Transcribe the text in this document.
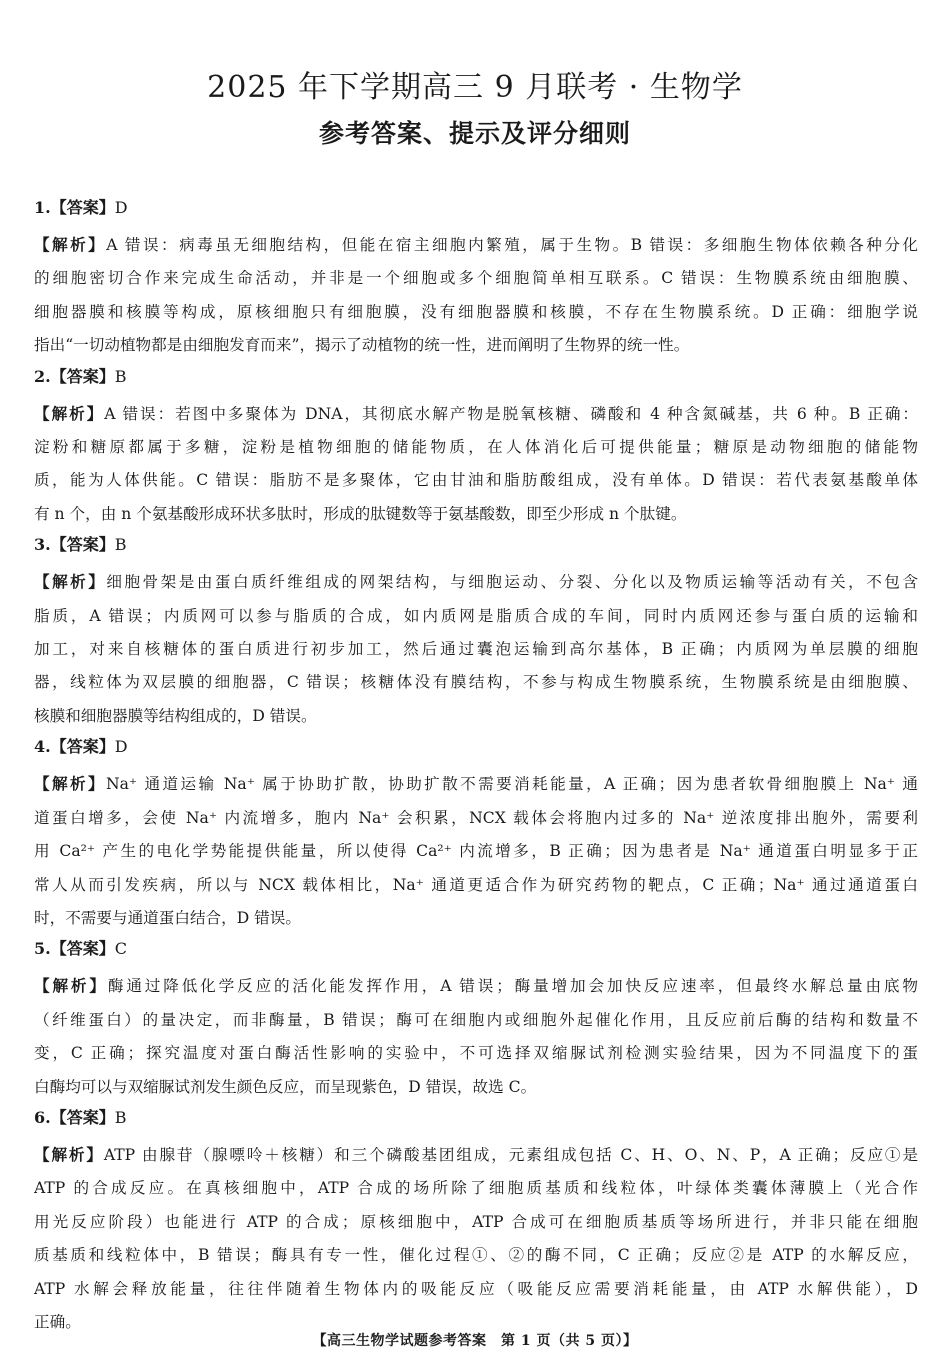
2025 年下学期高三 9 月联考 · 生物学
参考答案、提示及评分细则
1.【答案】D
【解析】A 错误：病毒虽无细胞结构，但能在宿主细胞内繁殖，属于生物。B 错误：多细胞生物体依赖各种分化
的细胞密切合作来完成生命活动，并非是一个细胞或多个细胞简单相互联系。C 错误：生物膜系统由细胞膜、
细胞器膜和核膜等构成，原核细胞只有细胞膜，没有细胞器膜和核膜，不存在生物膜系统。D 正确：细胞学说
指出“一切动植物都是由细胞发育而来”，揭示了动植物的统一性，进而阐明了生物界的统一性。
2.【答案】B
【解析】A 错误：若图中多聚体为 DNA，其彻底水解产物是脱氧核糖、磷酸和 4 种含氮碱基，共 6 种。B 正确：
淀粉和糖原都属于多糖，淀粉是植物细胞的储能物质，在人体消化后可提供能量；糖原是动物细胞的储能物
质，能为人体供能。C 错误：脂肪不是多聚体，它由甘油和脂肪酸组成，没有单体。D 错误：若代表氨基酸单体
有 n 个，由 n 个氨基酸形成环状多肽时，形成的肽键数等于氨基酸数，即至少形成 n 个肽键。
3.【答案】B
【解析】细胞骨架是由蛋白质纤维组成的网架结构，与细胞运动、分裂、分化以及物质运输等活动有关，不包含
脂质，A 错误；内质网可以参与脂质的合成，如内质网是脂质合成的车间，同时内质网还参与蛋白质的运输和
加工，对来自核糖体的蛋白质进行初步加工，然后通过囊泡运输到高尔基体，B 正确；内质网为单层膜的细胞
器，线粒体为双层膜的细胞器，C 错误；核糖体没有膜结构，不参与构成生物膜系统，生物膜系统是由细胞膜、
核膜和细胞器膜等结构组成的，D 错误。
4.【答案】D
【解析】Na⁺ 通道运输 Na⁺ 属于协助扩散，协助扩散不需要消耗能量，A 正确；因为患者软骨细胞膜上 Na⁺ 通
道蛋白增多，会使 Na⁺ 内流增多，胞内 Na⁺ 会积累，NCX 载体会将胞内过多的 Na⁺ 逆浓度排出胞外，需要利
用 Ca²⁺ 产生的电化学势能提供能量，所以使得 Ca²⁺ 内流增多，B 正确；因为患者是 Na⁺ 通道蛋白明显多于正
常人从而引发疾病，所以与 NCX 载体相比，Na⁺ 通道更适合作为研究药物的靶点，C 正确；Na⁺ 通过通道蛋白
时，不需要与通道蛋白结合，D 错误。
5.【答案】C
【解析】酶通过降低化学反应的活化能发挥作用，A 错误；酶量增加会加快反应速率，但最终水解总量由底物
（纤维蛋白）的量决定，而非酶量，B 错误；酶可在细胞内或细胞外起催化作用，且反应前后酶的结构和数量不
变，C 正确；探究温度对蛋白酶活性影响的实验中，不可选择双缩脲试剂检测实验结果，因为不同温度下的蛋
白酶均可以与双缩脲试剂发生颜色反应，而呈现紫色，D 错误，故选 C。
6.【答案】B
【解析】ATP 由腺苷（腺嘌呤＋核糖）和三个磷酸基团组成，元素组成包括 C、H、O、N、P，A 正确；反应①是
ATP 的合成反应。在真核细胞中，ATP 合成的场所除了细胞质基质和线粒体，叶绿体类囊体薄膜上（光合作
用光反应阶段）也能进行 ATP 的合成；原核细胞中，ATP 合成可在细胞质基质等场所进行，并非只能在细胞
质基质和线粒体中，B 错误；酶具有专一性，催化过程①、②的酶不同，C 正确；反应②是 ATP 的水解反应，
ATP 水解会释放能量，往往伴随着生物体内的吸能反应（吸能反应需要消耗能量，由 ATP 水解供能），D
正确。
【高三生物学试题参考答案　第 1 页（共 5 页）】
